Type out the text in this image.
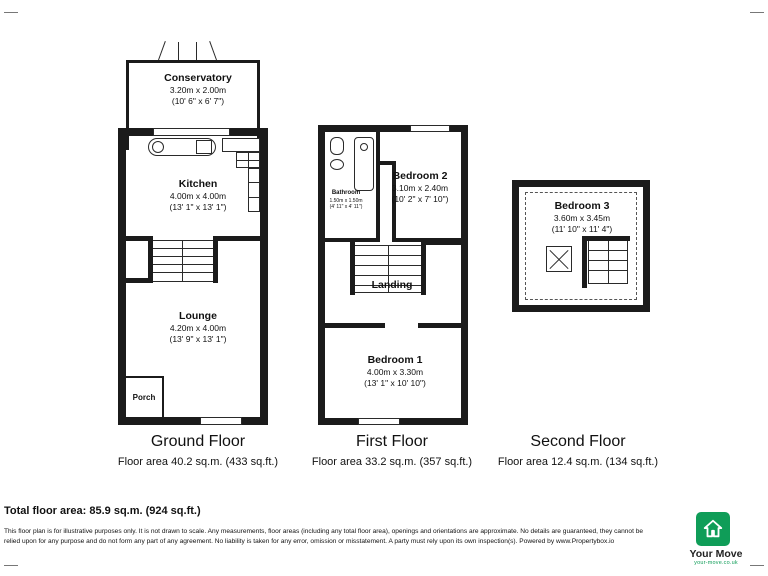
Conservatory
3.20m x 2.00m
(10' 6" x 6' 7")
Kitchen
4.00m x 4.00m
(13' 1" x 13' 1")
Lounge
4.20m x 4.00m
(13' 9" x 13' 1")
Porch
Ground Floor
Floor area 40.2 sq.m. (433 sq.ft.)
Bathroom
1.50m x 1.50m
(4' 11" x 4' 11")
Bedroom 2
3.10m x 2.40m
(10' 2" x 7' 10")
Landing
Bedroom 1
4.00m x 3.30m
(13' 1" x 10' 10")
First Floor
Floor area 33.2 sq.m. (357 sq.ft.)
Bedroom 3
3.60m x 3.45m
(11' 10" x 11' 4")
Second Floor
Floor area 12.4 sq.m. (134 sq.ft.)
Total floor area: 85.9 sq.m. (924 sq.ft.)
This floor plan is for illustrative purposes only. It is not drawn to scale. Any measurements, floor areas (including any total floor area), openings and orientations are approximate. No details are guaranteed, they cannot be relied upon for any purpose and do not form any part of any agreement. No liability is taken for any error, omission or misstatement. A party must rely upon its own inspection(s). Powered by www.Propertybox.io
Your Move
your-move.co.uk
